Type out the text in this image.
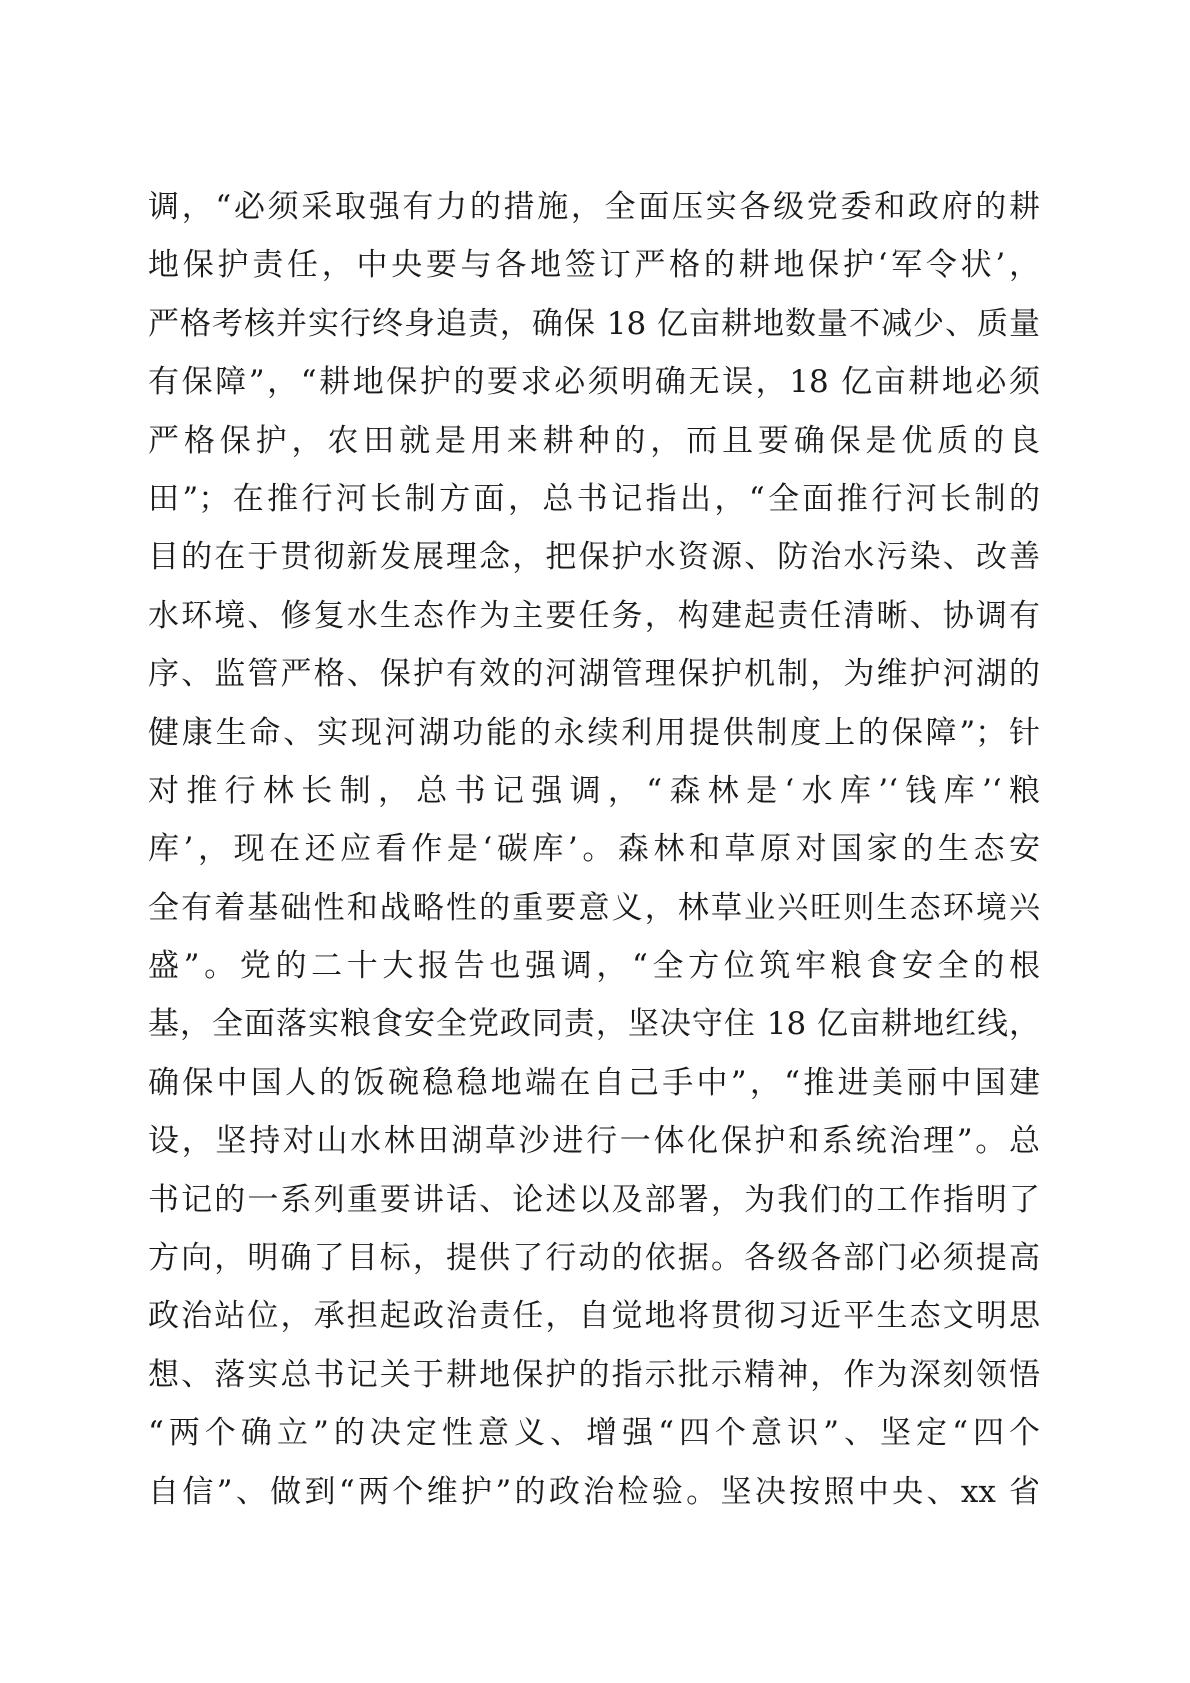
调，“必须采取强有力的措施，全面压实各级党委和政府的耕
地保护责任，中央要与各地签订严格的耕地保护‘军令状’，
严格考核并实行终身追责，确保 18 亿亩耕地数量不减少、质量
有保障”，“耕地保护的要求必须明确无误，18 亿亩耕地必须
严格保护，农田就是用来耕种的，而且要确保是优质的良
田”；在推行河长制方面，总书记指出，“全面推行河长制的
目的在于贯彻新发展理念，把保护水资源、防治水污染、改善
水环境、修复水生态作为主要任务，构建起责任清晰、协调有
序、监管严格、保护有效的河湖管理保护机制，为维护河湖的
健康生命、实现河湖功能的永续利用提供制度上的保障”；针
对推行林长制，总书记强调，“森林是‘水库’‘钱库’‘粮
库’，现在还应看作是‘碳库’。森林和草原对国家的生态安
全有着基础性和战略性的重要意义，林草业兴旺则生态环境兴
盛”。党的二十大报告也强调，“全方位筑牢粮食安全的根
基，全面落实粮食安全党政同责，坚决守住 18 亿亩耕地红线，
确保中国人的饭碗稳稳地端在自己手中”，“推进美丽中国建
设，坚持对山水林田湖草沙进行一体化保护和系统治理”。总
书记的一系列重要讲话、论述以及部署，为我们的工作指明了
方向，明确了目标，提供了行动的依据。各级各部门必须提高
政治站位，承担起政治责任，自觉地将贯彻习近平生态文明思
想、落实总书记关于耕地保护的指示批示精神，作为深刻领悟
“两个确立”的决定性意义、增强“四个意识”、坚定“四个
自信”、做到“两个维护”的政治检验。坚决按照中央、xx 省
